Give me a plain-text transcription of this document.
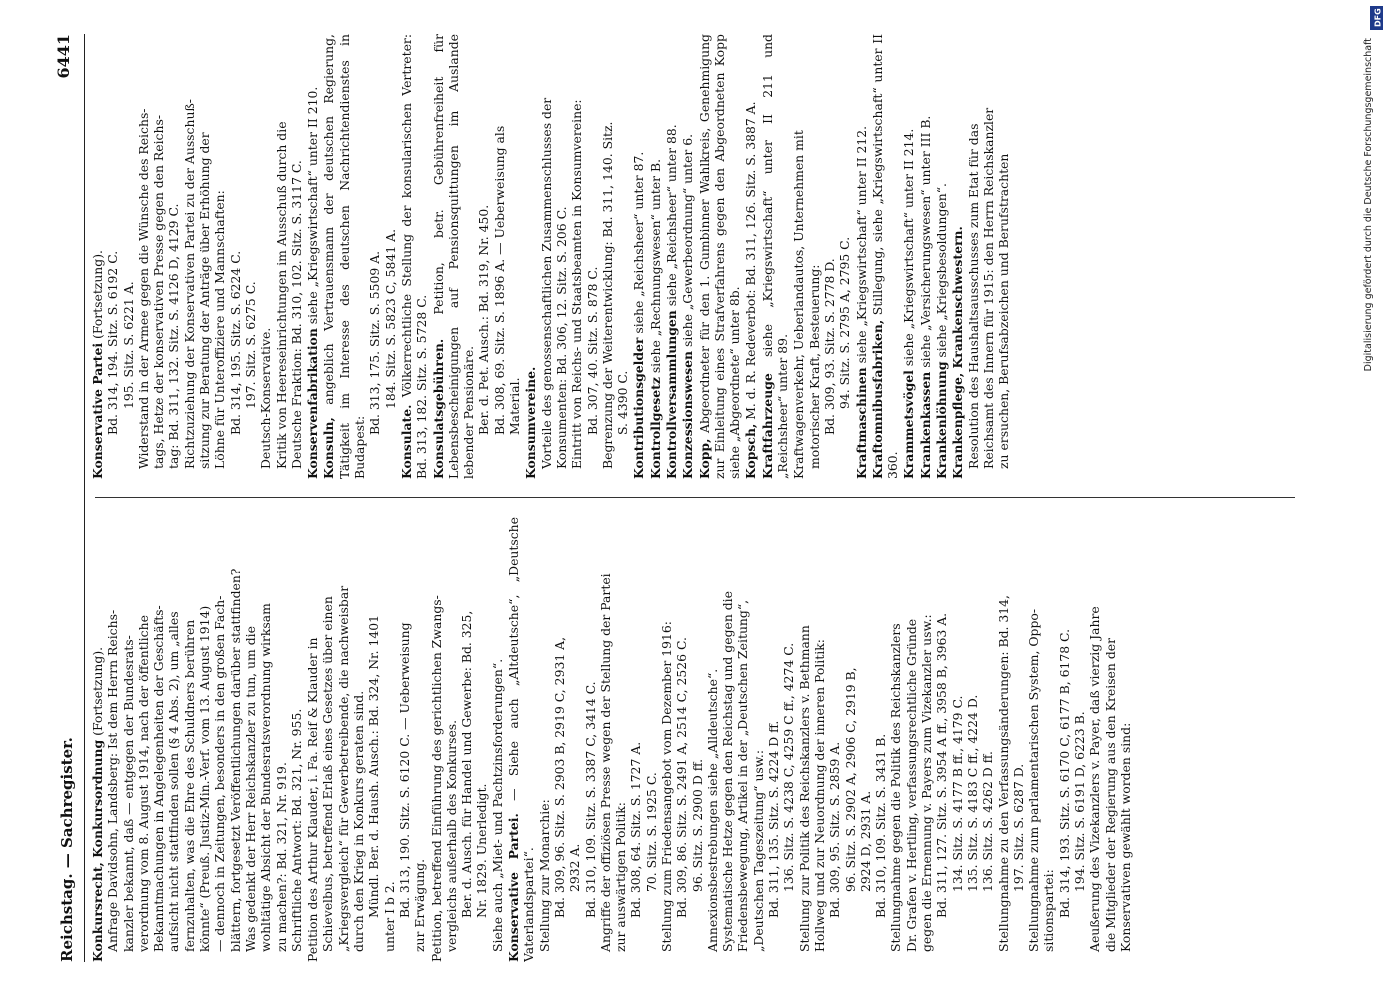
Reichstag. — Sachregister.
6441
Konkursrecht, Konkursordnung (Fortsetzung). Anfrage Davidsohn, Landsberg: Ist dem Herrn Reichs- kanzler bekannt, daß — entgegen der Bundesrats- verordnung vom 8. August 1914, nach der öffentliche Bekanntmachungen in Angelegenheiten der Geschäfts- aufsicht nicht stattfinden sollen (§ 4 Abs. 2), um „alles fernzuhalten, was die Ehre des Schuldners berühren könnte“ (Preuß. Justiz-Min.-Verf. vom 13. August 1914) — dennoch in Zeitungen, besonders in den großen Fach- blättern, fortgesetzt Veröffentlichungen darüber stattfinden? Was gedenkt der Herr Reichskanzler zu tun, um die wohltätige Absicht der Bundesratsverordnung wirksam zu machen?: Bd. 321, Nr. 919. Schriftliche Antwort: Bd. 321, Nr. 955. Petition des Arthur Klauder, i. Fa. Reif & Klauder in Schievelbus, betreffend Erlaß eines Gesetzes über einen „Kriegsvergleich“ für Gewerbetreibende, die nachweisbar durch den Krieg in Konkurs geraten sind. Mündl. Ber. d. Haush. Ausch.: Bd. 324, Nr. 1401 unter I b 2. Bd. 313, 190. Sitz. S. 6120 C. — Ueberweisung zur Erwägung. Petition, betreffend Einführung des gerichtlichen Zwangs- vergleichs außerhalb des Konkurses. Ber. d. Ausch. für Handel und Gewerbe: Bd. 325, Nr. 1829. Unerledigt. Siehe auch „Miet- und Pachtzinsforderungen“. Konservative Partei. — Siehe auch „Altdeutsche“, „Deutsche Vaterlandspartei“. Stellung zur Monarchie: Bd. 309, 96. Sitz. S. 2903 B, 2919 C, 2931 A, 2932 A. Bd. 310, 109. Sitz. S. 3387 C, 3414 C. Angriffe der offiziösen Presse wegen der Stellung der Partei zur auswärtigen Politik: Bd. 308, 64. Sitz. S. 1727 A. 70. Sitz. S. 1925 C. Stellung zum Friedensangebot vom Dezember 1916: Bd. 309, 86. Sitz. S. 2491 A, 2514 C, 2526 C. 96. Sitz. S. 2900 D ff. Annexionsbestrebungen siehe „Alldeutsche“. Systematische Hetze gegen den Reichstag und gegen die Friedensbewegung, Artikel in der „Deutschen Zeitung“, „Deutschen Tageszeitung“ usw.: Bd. 311, 135. Sitz. S. 4224 D ff. 136. Sitz. S. 4238 C, 4259 C ff., 4274 C. Stellung zur Politik des Reichskanzlers v. Bethmann Hollweg und zur Neuordnung der inneren Politik: Bd. 309, 95. Sitz. S. 2859 A. 96. Sitz. S. 2902 A, 2906 C, 2919 B, 2924 D, 2931 A. Bd. 310, 109. Sitz. S. 3431 B. Stellungnahme gegen die Politik des Reichskanzlers Dr. Grafen v. Hertling, verfassungsrechtliche Gründe gegen die Ernennung v. Payers zum Vizekanzler usw.: Bd. 311, 127. Sitz. S. 3954 A ff., 3958 B, 3963 A. 134. Sitz. S. 4177 B ff., 4179 C. 135. Sitz. S. 4183 C ff., 4224 D. 136. Sitz. S. 4262 D ff. Stellungnahme zu den Verfassungsänderungen: Bd. 314, 197. Sitz. S. 6287 D. Stellungnahme zum parlamentarischen System, Oppo- sitionspartei: Bd. 314, 193. Sitz. S. 6170 C, 6177 B, 6178 C. 194. Sitz. S. 6191 D, 6223 B. Aeußerung des Vizekanzlers v. Payer, daß vierzig Jahre die Mitglieder der Regierung aus den Kreisen der Konservativen gewählt worden sind:
Konservative Partei (Fortsetzung). Bd. 314, 194. Sitz. S. 6192 C. 195. Sitz. S. 6221 A. Widerstand in der Armee gegen die Wünsche des Reichs- tags, Hetze der konservativen Presse gegen den Reichs- tag: Bd. 311, 132. Sitz. S. 4126 D, 4129 C. Richtzuziehung der Konservativen Partei zu der Ausschuß- sitzung zur Beratung der Anträge über Erhöhung der Löhne für Unteroffiziere und Mannschaften: Bd. 314, 195. Sitz. S. 6224 C. 197. Sitz. S. 6275 C. Deutsch-Konservative. Kritik von Heereseinrichtungen im Ausschuß durch die Deutsche Fraktion: Bd. 310, 102. Sitz. S. 3117 C. Konservenfabrikation siehe „Kriegswirtschaft“ unter II 210.
Konsuln, angeblich Vertrauensmann der deutschen Regierung, Tätigkeit im Interesse des deutschen Nachrichtendienstes in Budapest:
Bd. 313, 175. Sitz. S. 5509 A. 184. Sitz. S. 5823 C, 5841 A.
Konsulate. Völkerrechtliche Stellung der konsularischen Vertreter: Bd. 313, 182. Sitz. S. 5728 C. Konsulatsgebühren. Petition, betr. Gebührenfreiheit für Lebensbescheinigungen auf Pensionsquittungen im Auslande lebender Pensionäre. Ber. d. Pet. Ausch.: Bd. 319, Nr. 450. Bd. 308, 69. Sitz. S. 1896 A. — Ueberweisung als Material. Konsumvereine. Vorteile des genossenschaftlichen Zusammenschlusses der Konsumenten: Bd. 306, 12. Sitz. S. 206 C. Eintritt von Reichs- und Staatsbeamten in Konsumvereine: Bd. 307, 40. Sitz. S. 878 C. Begrenzung der Weiterentwicklung: Bd. 311, 140. Sitz. S. 4390 C. Kontributionsgelder siehe „Reichsheer“ unter 87.
Kontrollgesetz siehe „Rechnungswesen“ unter B.
Kontrollversammlungen siehe „Reichsheer“ unter 88.
Konzessionswesen siehe „Gewerbeordnung“ unter 6.
Kopp, Abgeordneter für den 1. Gumbinner Wahlkreis, Genehmigung zur Einleitung eines Strafverfahrens gegen den Abgeordneten Kopp siehe „Abgeordnete“ unter 8b. Kopsch, M. d. R. Redeverbot: Bd. 311, 126. Sitz. S. 3887 A.
Kraftfahrzeuge siehe „Kriegswirtschaft“ unter II 211 und „Reichsheer“ unter 89. Kraftwagenverkehr, Ueberlandautos, Unternehmen mit motorischer Kraft, Besteuerung: Bd. 309, 93. Sitz. S. 2778 D. 94. Sitz. S. 2795 A, 2795 C.
Kraftmaschinen siehe „Kriegswirtschaft“ unter II 212.
Kraftomnibusfabriken, Stillegung, siehe „Kriegswirtschaft“ unter II 360. Krammetsvögel siehe „Kriegswirtschaft“ unter II 214.
Krankenkassen siehe „Versicherungswesen“ unter III B.
Krankenlöhnung siehe „Kriegsbesoldungen“. Krankenpflege, Krankenschwestern. Resolution des Haushaltsausschusses zum Etat für das Reichsamt des Innern für 1915: den Herrn Reichskanzler zu ersuchen, Berufsabzeichen und Berufstrachten
DFG
Digitalisierung gefördert durch die Deutsche Forschungsgemeinschaft
